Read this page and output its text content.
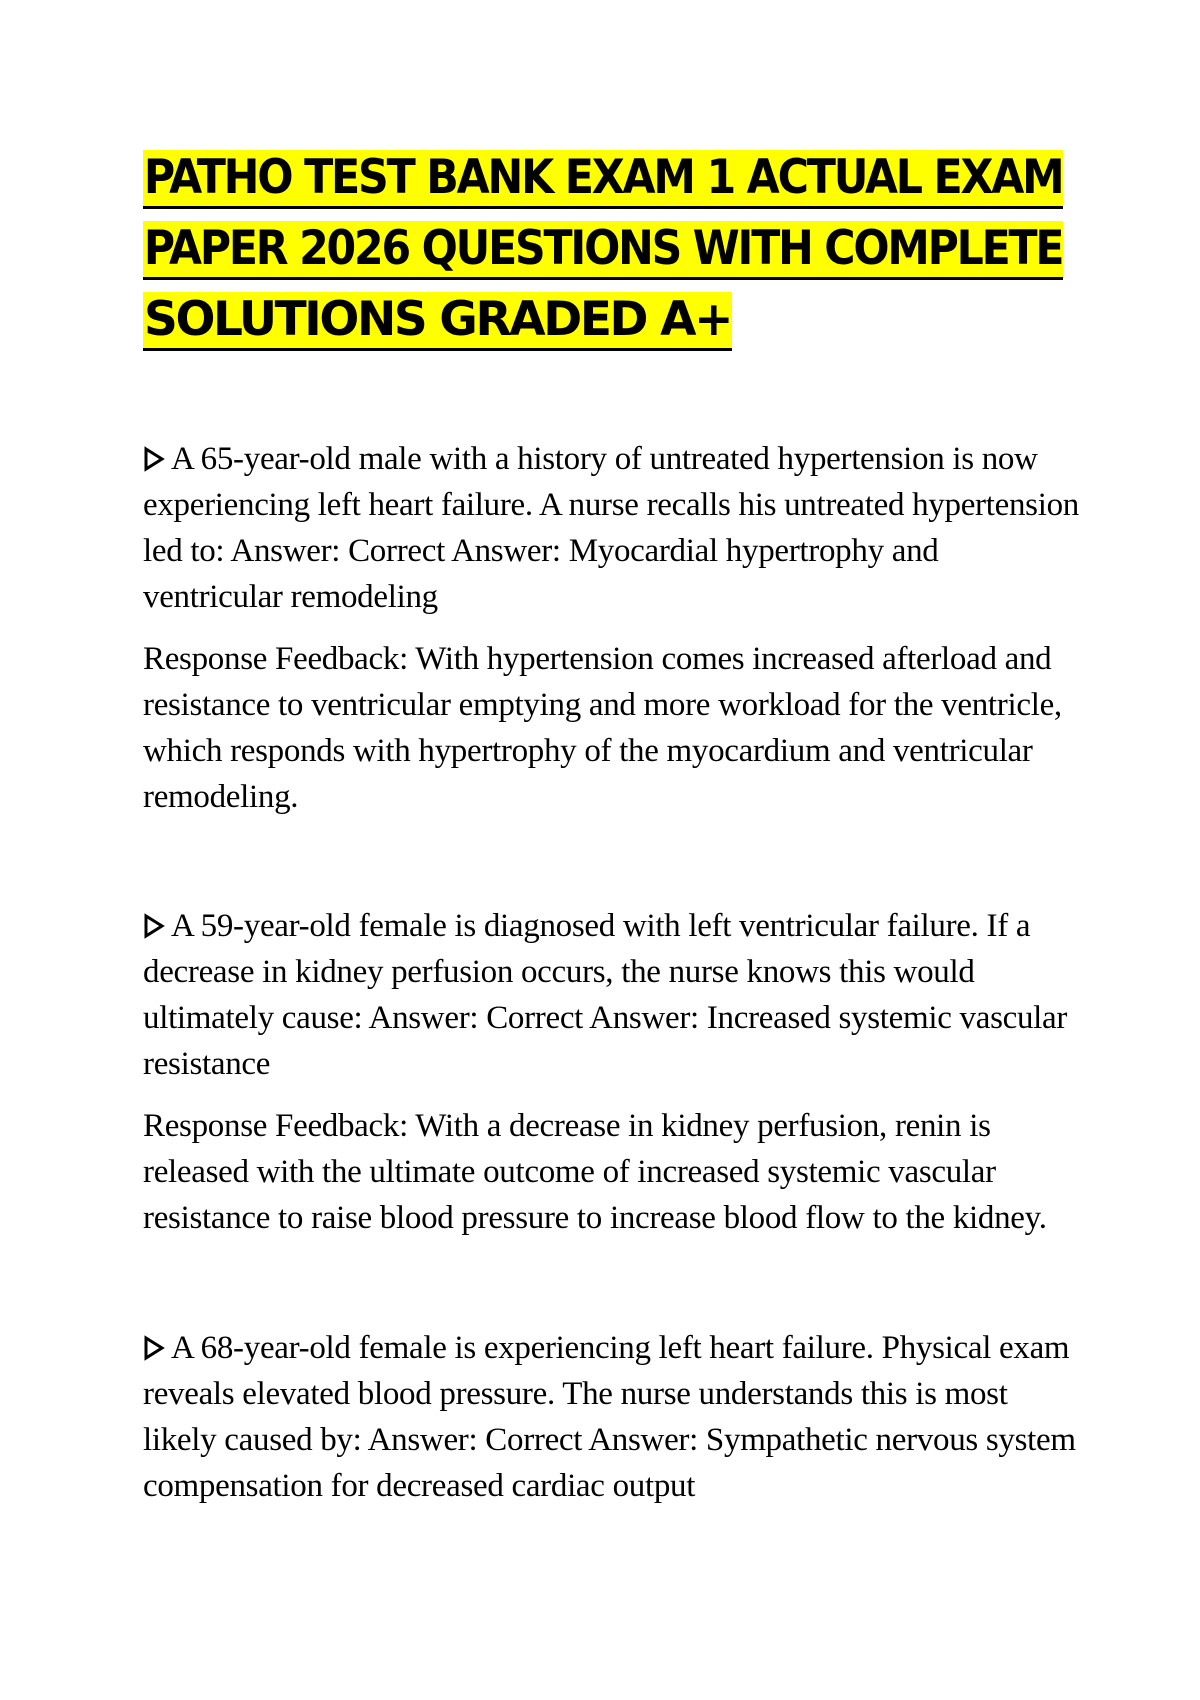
PATHO TEST BANK EXAM 1 ACTUAL EXAM
PAPER 2026 QUESTIONS WITH COMPLETE
SOLUTIONS GRADED A+

A 65-year-old male with a history of untreated hypertension is now experiencing left heart failure. A nurse recalls his untreated hypertension led to: Answer: Correct Answer: Myocardial hypertrophy and ventricular remodeling

Response Feedback: With hypertension comes increased afterload and resistance to ventricular emptying and more workload for the ventricle, which responds with hypertrophy of the myocardium and ventricular remodeling.

A 59-year-old female is diagnosed with left ventricular failure. If a decrease in kidney perfusion occurs, the nurse knows this would ultimately cause: Answer: Correct Answer: Increased systemic vascular resistance

Response Feedback: With a decrease in kidney perfusion, renin is released with the ultimate outcome of increased systemic vascular resistance to raise blood pressure to increase blood flow to the kidney.

A 68-year-old female is experiencing left heart failure. Physical exam reveals elevated blood pressure. The nurse understands this is most likely caused by: Answer: Correct Answer: Sympathetic nervous system compensation for decreased cardiac output
